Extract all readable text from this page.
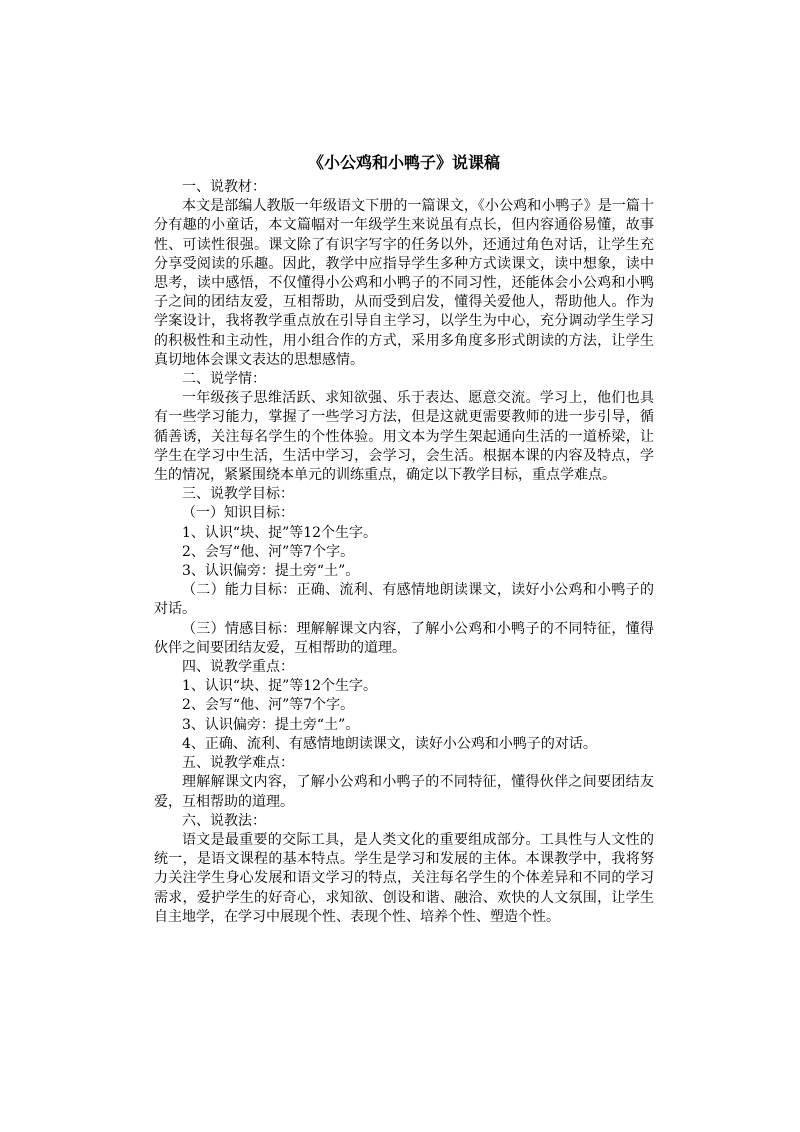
《小公鸡和小鸭子》说课稿

一、说教材：

本文是部编人教版一年级语文下册的一篇课文，《小公鸡和小鸭子》是一篇十分有趣的小童话，本文篇幅对一年级学生来说虽有点长，但内容通俗易懂，故事性、可读性很强。课文除了有识字写字的任务以外，还通过角色对话，让学生充分享受阅读的乐趣。因此，教学中应指导学生多种方式读课文，读中想象，读中思考，读中感悟，不仅懂得小公鸡和小鸭子的不同习性，还能体会小公鸡和小鸭子之间的团结友爱，互相帮助，从而受到启发，懂得关爱他人，帮助他人。作为学案设计，我将教学重点放在引导自主学习，以学生为中心，充分调动学生学习的积极性和主动性，用小组合作的方式，采用多角度多形式朗读的方法，让学生真切地体会课文表达的思想感情。

二、说学情：

一年级孩子思维活跃、求知欲强、乐于表达、愿意交流。学习上，他们也具有一些学习能力，掌握了一些学习方法，但是这就更需要教师的进一步引导，循循善诱，关注每名学生的个性体验。用文本为学生架起通向生活的一道桥梁，让学生在学习中生活，生活中学习，会学习，会生活。根据本课的内容及特点，学生的情况，紧紧围绕本单元的训练重点，确定以下教学目标，重点学难点。

三、说教学目标：

（一）知识目标：

1、认识“块、捉”等12个生字。

2、会写“他、河”等7个字。

3、认识偏旁：提土旁“土”。

（二）能力目标：正确、流利、有感情地朗读课文，读好小公鸡和小鸭子的对话。

（三）情感目标：理解解课文内容，了解小公鸡和小鸭子的不同特征，懂得伙伴之间要团结友爱，互相帮助的道理。

四、说教学重点：

1、认识“块、捉”等12个生字。

2、会写“他、河”等7个字。

3、认识偏旁：提土旁“土”。

4、正确、流利、有感情地朗读课文，读好小公鸡和小鸭子的对话。

五、说教学难点：

理解解课文内容，了解小公鸡和小鸭子的不同特征，懂得伙伴之间要团结友爱，互相帮助的道理。

六、说教法：

语文是最重要的交际工具，是人类文化的重要组成部分。工具性与人文性的统一，是语文课程的基本特点。学生是学习和发展的主体。本课教学中，我将努力关注学生身心发展和语文学习的特点，关注每名学生的个体差异和不同的学习需求，爱护学生的好奇心，求知欲、创设和谐、融洽、欢快的人文氛围，让学生自主地学，在学习中展现个性、表现个性、培养个性、塑造个性。
